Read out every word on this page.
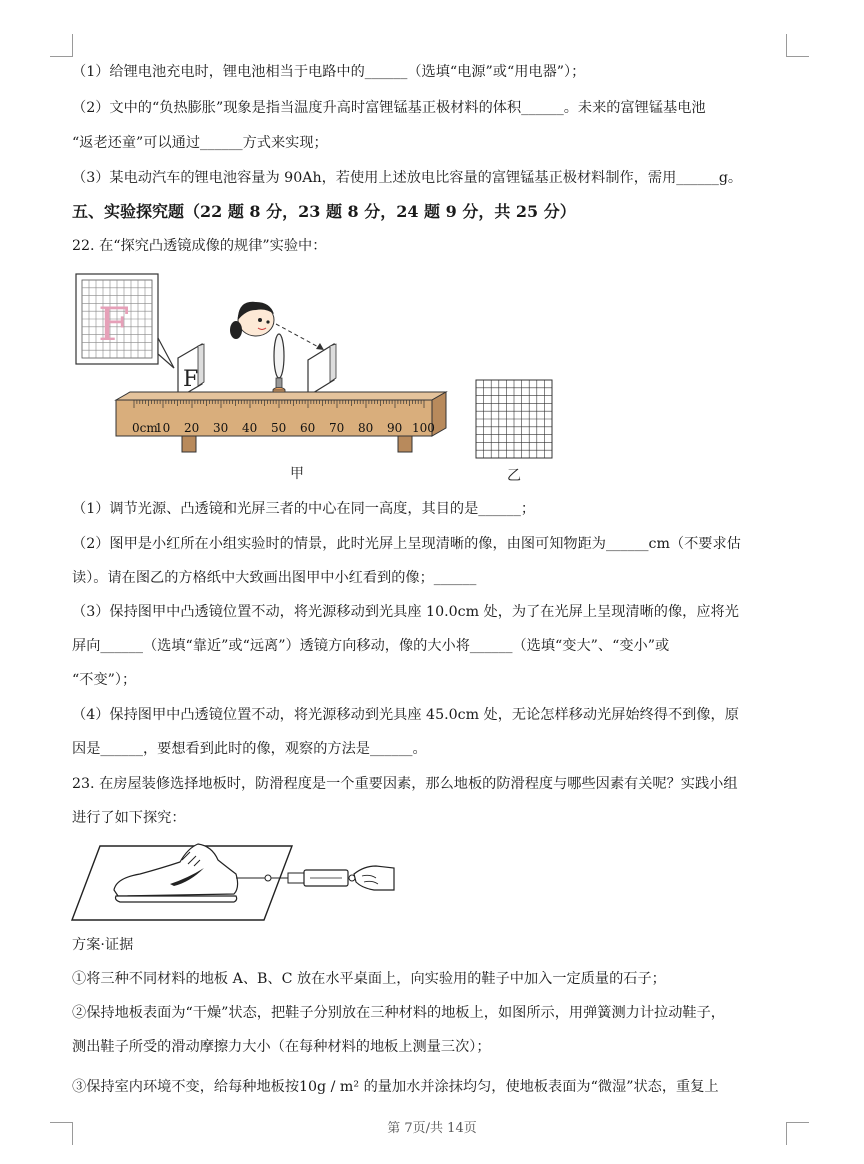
（1）给锂电池充电时，锂电池相当于电路中的______（选填“电源”或“用电器”）；
（2）文中的“负热膨胀”现象是指当温度升高时富锂锰基正极材料的体积______。未来的富锂锰基电池
“返老还童”可以通过______方式来实现；
（3）某电动汽车的锂电池容量为 90Ah，若使用上述放电比容量的富锂锰基正极材料制作，需用______g。
五、实验探究题（22 题 8 分，23 题 8 分，24 题 9 分，共 25 分）
22. 在“探究凸透镜成像的规律”实验中：
（1）调节光源、凸透镜和光屏三者的中心在同一高度，其目的是______；
（2）图甲是小红所在小组实验时的情景，此时光屏上呈现清晰的像，由图可知物距为______cm（不要求估
读）。请在图乙的方格纸中大致画出图甲中小红看到的像；______
（3）保持图甲中凸透镜位置不动，将光源移动到光具座 10.0cm 处，为了在光屏上呈现清晰的像，应将光
屏向______（选填“靠近”或“远离”）透镜方向移动，像的大小将______（选填“变大”、“变小”或
“不变”）；
（4）保持图甲中凸透镜位置不动，将光源移动到光具座 45.0cm 处，无论怎样移动光屏始终得不到像，原
因是______，要想看到此时的像，观察的方法是______。
23. 在房屋装修选择地板时，防滑程度是一个重要因素，那么地板的防滑程度与哪些因素有关呢？实践小组
进行了如下探究：
方案·证据
①将三种不同材料的地板 A、B、C 放在水平桌面上，向实验用的鞋子中加入一定质量的石子；
②保持地板表面为“干燥”状态，把鞋子分别放在三种材料的地板上，如图所示，用弹簧测力计拉动鞋子，
测出鞋子所受的滑动摩擦力大小（在每种材料的地板上测量三次）；
③保持室内环境不变，给每种地板按10g / m² 的量加水并涂抹均匀，使地板表面为“微湿”状态，重复上
F
F
0cm
10 20 30 40 50 60 70 80 90 100
甲	乙
第 7页/共 14页
